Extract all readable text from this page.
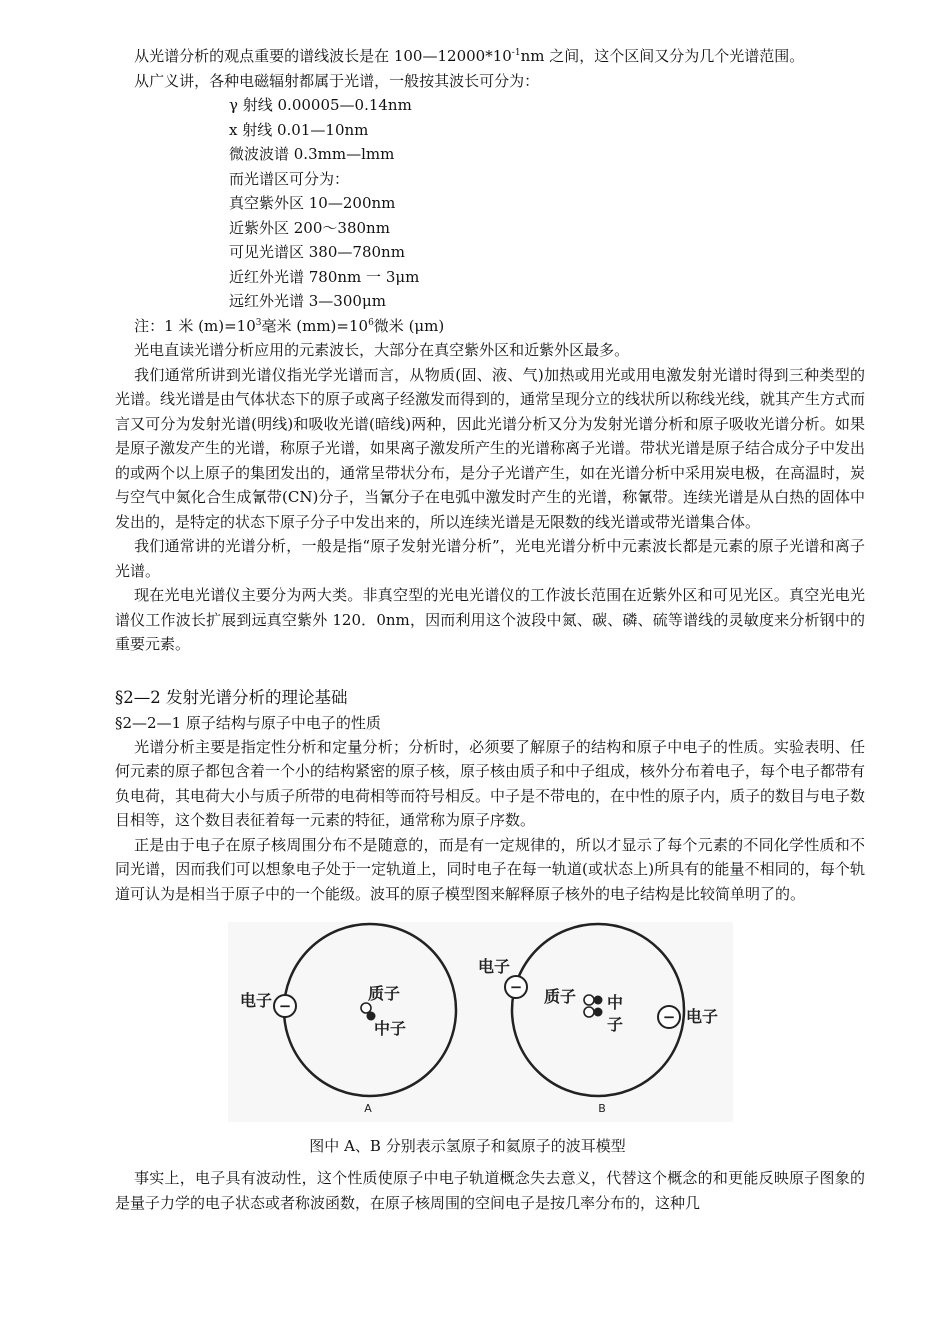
从光谱分析的观点重要的谱线波长是在 $100—12000*10^{-1}nm$ 之间，这个区间又分为几个光谱范围。

从广义讲，各种电磁辐射都属于光谱，一般按其波长可分为：

γ 射线 0.00005—0.14nm

x 射线 0.01—10nm

微波波谱 0.3mm—lmm

而光谱区可分为：

真空紫外区 10—200nm

近紫外区 200～380nm

可见光谱区 380—780nm

近红外光谱 780nm 一 3μm

远红外光谱 3—300μm

注：1 米 $(m)=10^3$毫米 $(mm)=10^6$微米 (μm)

光电直读光谱分析应用的元素波长，大部分在真空紫外区和近紫外区最多。

我们通常所讲到光谱仪指光学光谱而言，从物质(固、液、气)加热或用光或用电激发射光谱时得到三种类型的光谱。线光谱是由气体状态下的原子或离子经激发而得到的，通常呈现分立的线状所以称线光线，就其产生方式而言又可分为发射光谱(明线)和吸收光谱(暗线)两种，因此光谱分析又分为发射光谱分析和原子吸收光谱分析。如果是原子激发产生的光谱，称原子光谱，如果离子激发所产生的光谱称离子光谱。带状光谱是原子结合成分子中发出的或两个以上原子的集团发出的，通常呈带状分布，是分子光谱产生，如在光谱分析中采用炭电极，在高温时，炭与空气中氮化合生成氰带(CN)分子，当氰分子在电弧中激发时产生的光谱，称氰带。连续光谱是从白热的固体中发出的，是特定的状态下原子分子中发出来的，所以连续光谱是无限数的线光谱或带光谱集合体。

我们通常讲的光谱分析，一般是指“原子发射光谱分析”，光电光谱分析中元素波长都是元素的原子光谱和离子光谱。

现在光电光谱仪主要分为两大类。非真空型的光电光谱仪的工作波长范围在近紫外区和可见光区。真空光电光谱仪工作波长扩展到远真空紫外 120．0nm，因而利用这个波段中氮、碳、磷、硫等谱线的灵敏度来分析钢中的重要元素。

§2—2 发射光谱分析的理论基础

§2—2—1 原子结构与原子中电子的性质

光谱分析主要是指定性分析和定量分析；分析时，必须要了解原子的结构和原子中电子的性质。实验表明、任何元素的原子都包含着一个小的结构紧密的原子核，原子核由质子和中子组成，核外分布着电子，每个电子都带有负电荷，其电荷大小与质子所带的电荷相等而符号相反。中子是不带电的，在中性的原子内，质子的数目与电子数目相等，这个数目表征着每一元素的特征，通常称为原子序数。

正是由于电子在原子核周围分布不是随意的，而是有一定规律的，所以才显示了每个元素的不同化学性质和不同光谱，因而我们可以想象电子处于一定轨道上，同时电子在每一轨道(或状态上)所具有的能量不相同的，每个轨道可认为是相当于原子中的一个能级。波耳的原子模型图来解释原子核外的电子结构是比较简单明了的。

−
电子	质子
中子
A
−
−
电子
电子
质子 中
子
B
图中 A、B 分别表示氢原子和氦原子的波耳模型

事实上，电子具有波动性，这个性质使原子中电子轨道概念失去意义，代替这个概念的和更能反映原子图象的是量子力学的电子状态或者称波函数，在原子核周围的空间电子是按几率分布的，这种几
